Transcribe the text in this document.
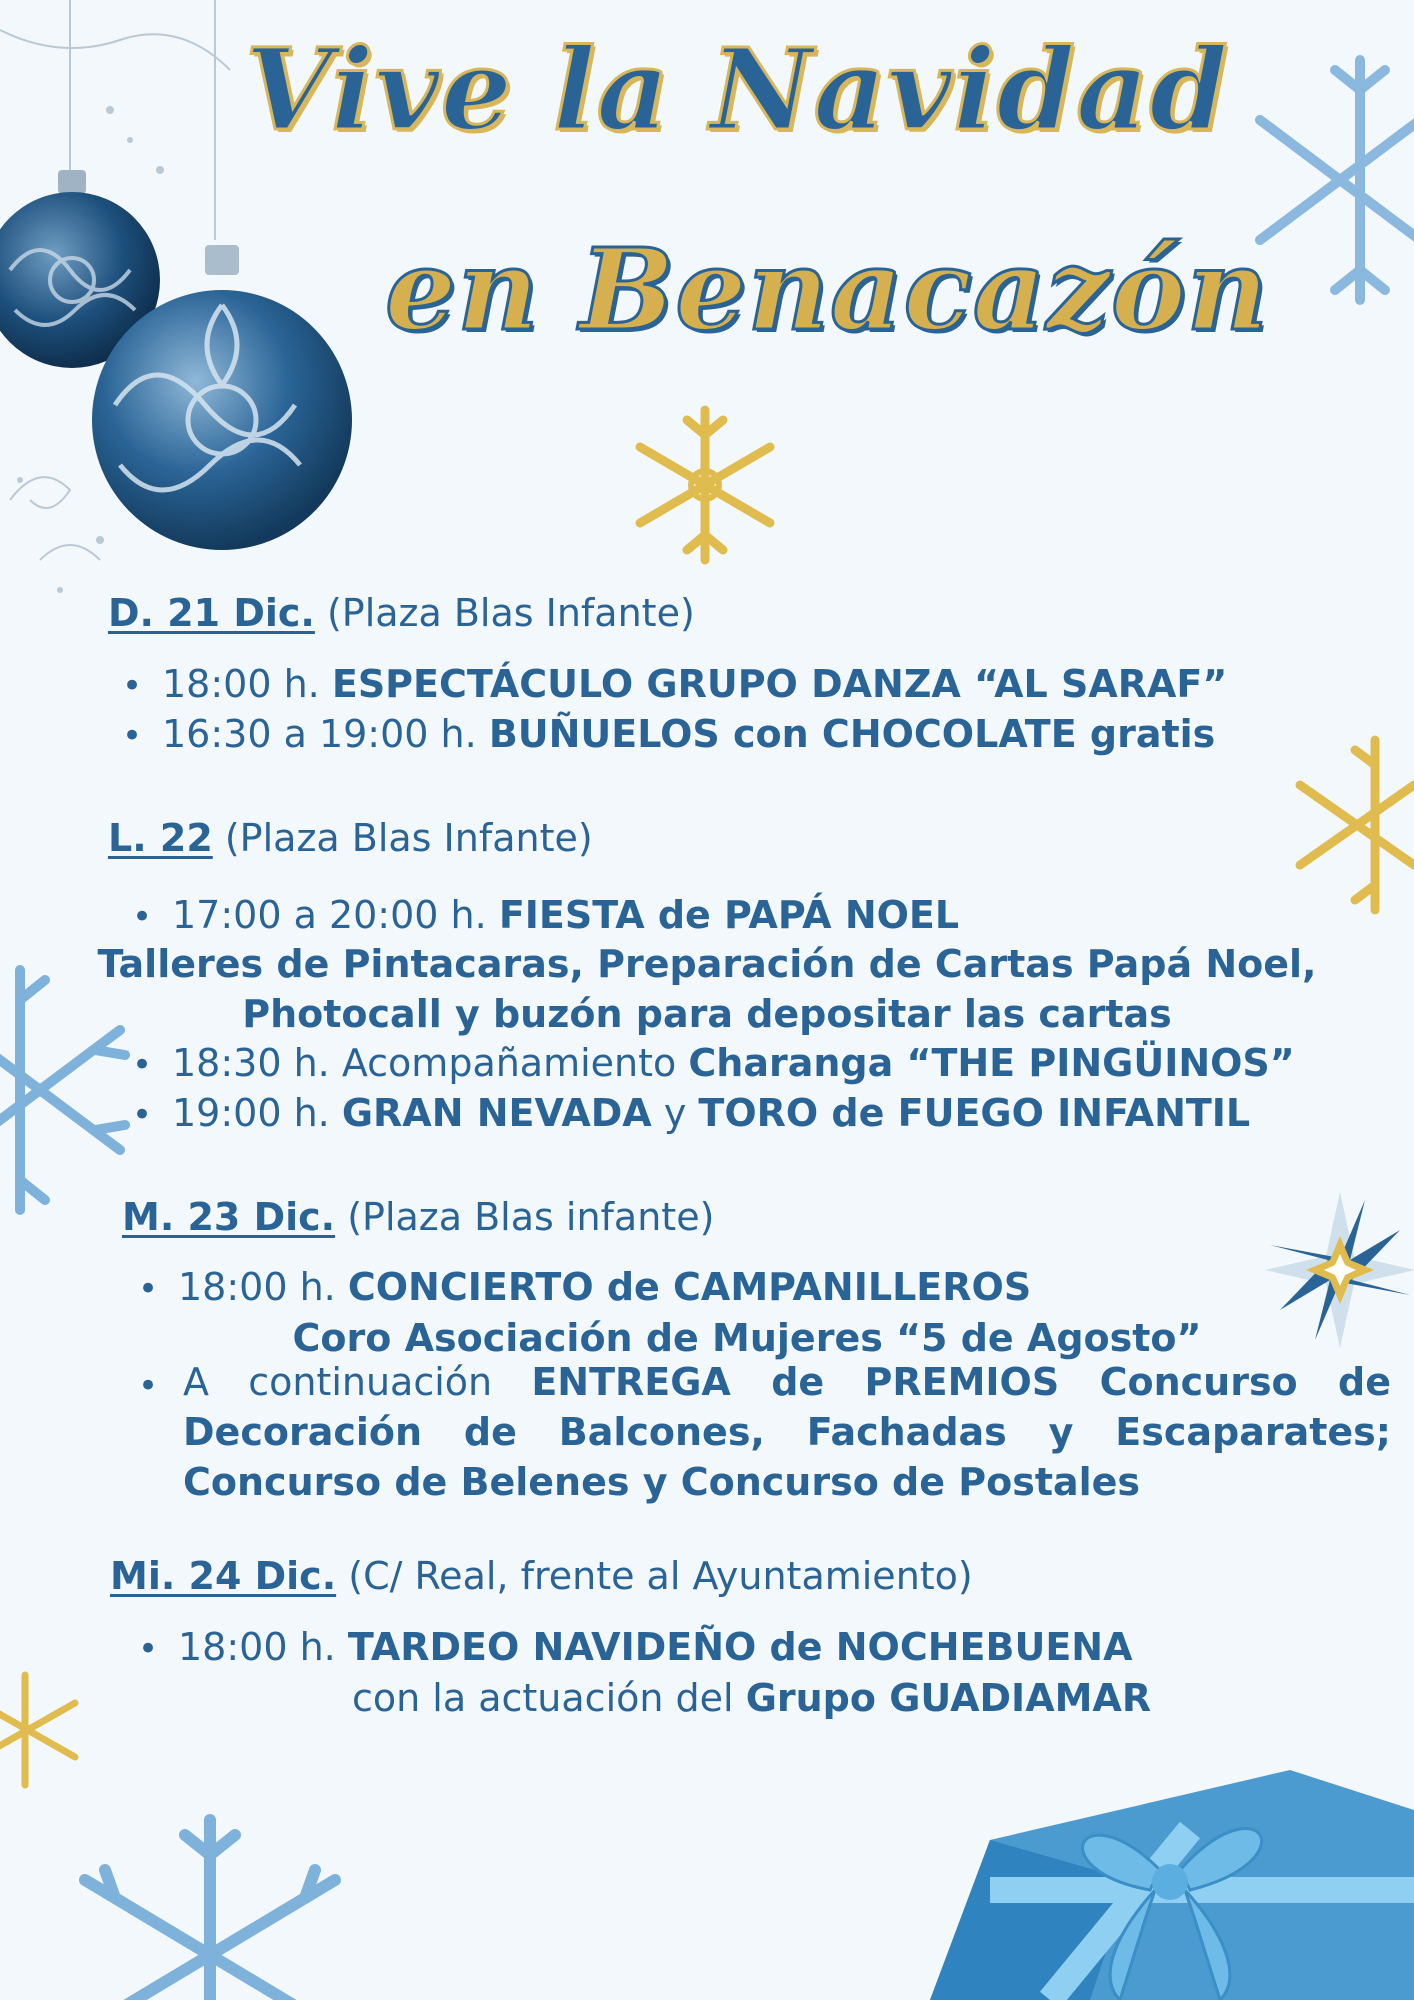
Vive la Navidad
en Benacazón
D. 21 Dic. (Plaza Blas Infante)
• 18:00 h. ESPECTÁCULO GRUPO DANZA “AL SARAF”
• 16:30 a 19:00 h. BUÑUELOS con CHOCOLATE gratis
L. 22 (Plaza Blas Infante)
• 17:00 a 20:00 h. FIESTA de PAPÁ NOEL
Talleres de Pintacaras, Preparación de Cartas Papá Noel,
Photocall y buzón para depositar las cartas
• 18:30 h. Acompañamiento Charanga “THE PINGÜINOS”
• 19:00 h. GRAN NEVADA y TORO de FUEGO INFANTIL
M. 23 Dic. (Plaza Blas infante)
• 18:00 h. CONCIERTO de CAMPANILLEROS
Coro Asociación de Mujeres “5 de Agosto”
• A continuación ENTREGA de PREMIOS Concurso de Decoración de Balcones, Fachadas y Escaparates; Concurso de Belenes y Concurso de Postales
Mi. 24 Dic. (C/ Real, frente al Ayuntamiento)
• 18:00 h. TARDEO NAVIDEÑO de NOCHEBUENA
con la actuación del Grupo GUADIAMAR
